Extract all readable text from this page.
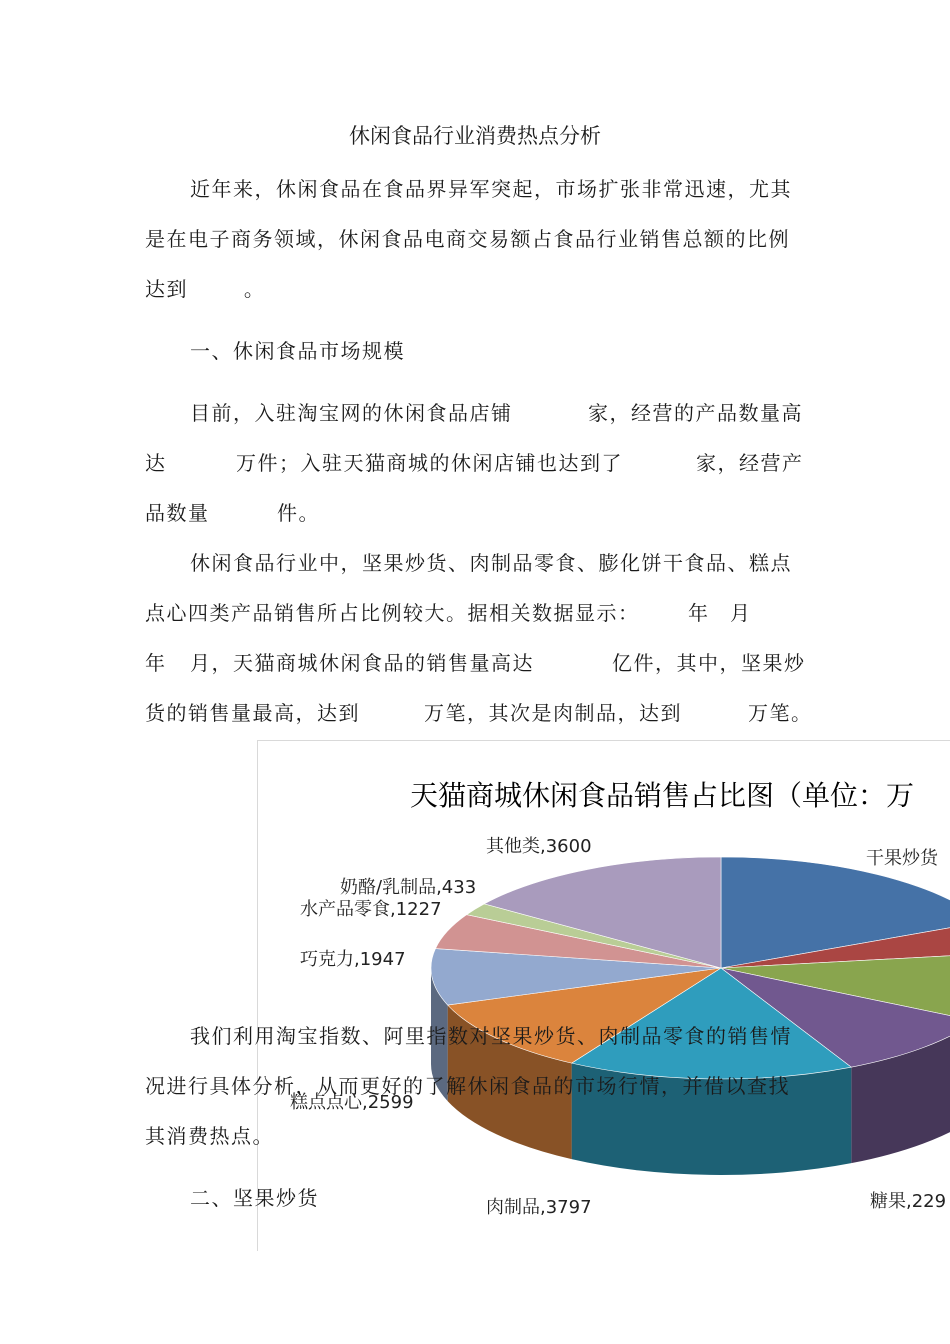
休闲食品行业消费热点分析
近年来，休闲食品在食品界异军突起，市场扩张非常迅速，尤其
是在电子商务领域，休闲食品电商交易额占食品行业销售总额的比例
达到 。
一、休闲食品市场规模
目前，入驻淘宝网的休闲食品店铺	家，经营的产品数量高
达	万件；入驻天猫商城的休闲店铺也达到了	家，经营产
品数量	件。
休闲食品行业中，坚果炒货、肉制品零食、膨化饼干食品、糕点
点心四类产品销售所占比例较大。据相关数据显示： 年 月
年 月，天猫商城休闲食品的销售量高达	亿件，其中，坚果炒
货的销售量最高，达到	万笔，其次是肉制品，达到	万笔。
天猫商城休闲食品销售占比图（单位：万
干果炒货
糖果,229
肉制品,3797
糕点点心,2599
巧克力,1947
水产品零食,1227
奶酪/乳制品,433
其他类,3600
我们利用淘宝指数、阿里指数对坚果炒货、肉制品零食的销售情
况进行具体分析，从而更好的了解休闲食品的市场行情，并借以查找
其消费热点。
二、坚果炒货
